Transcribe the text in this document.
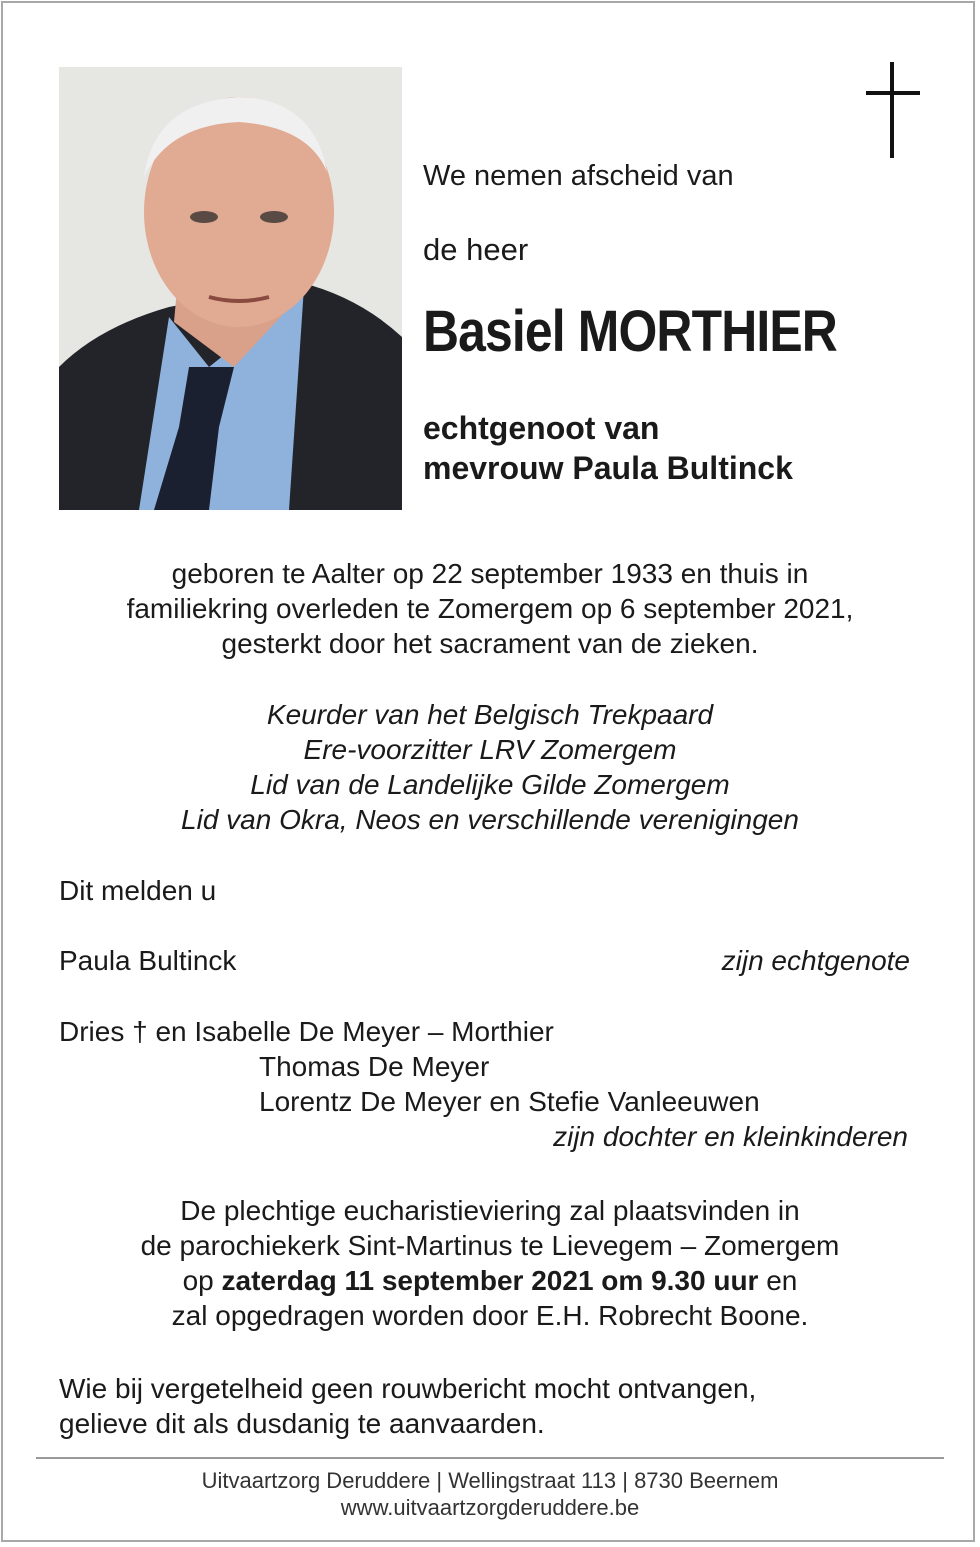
We nemen afscheid van
de heer
Basiel MORTHIER
echtgenoot van
mevrouw Paula Bultinck
geboren te Aalter op 22 september 1933 en thuis in
familiekring overleden te Zomergem op 6 september 2021,
gesterkt door het sacrament van de zieken.
Keurder van het Belgisch Trekpaard
Ere-voorzitter LRV Zomergem
Lid van de Landelijke Gilde Zomergem
Lid van Okra, Neos en verschillende verenigingen
Dit melden u
Paula Bultinck	zijn echtgenote
Dries † en Isabelle De Meyer – Morthier
Thomas De Meyer
Lorentz De Meyer en Stefie Vanleeuwen
zijn dochter en kleinkinderen
De plechtige eucharistieviering zal plaatsvinden in
de parochiekerk Sint-Martinus te Lievegem – Zomergem
op zaterdag 11 september 2021 om 9.30 uur en
zal opgedragen worden door E.H. Robrecht Boone.
Wie bij vergetelheid geen rouwbericht mocht ontvangen,
gelieve dit als dusdanig te aanvaarden.
Uitvaartzorg Deruddere | Wellingstraat 113 | 8730 Beernem
www.uitvaartzorgderuddere.be
